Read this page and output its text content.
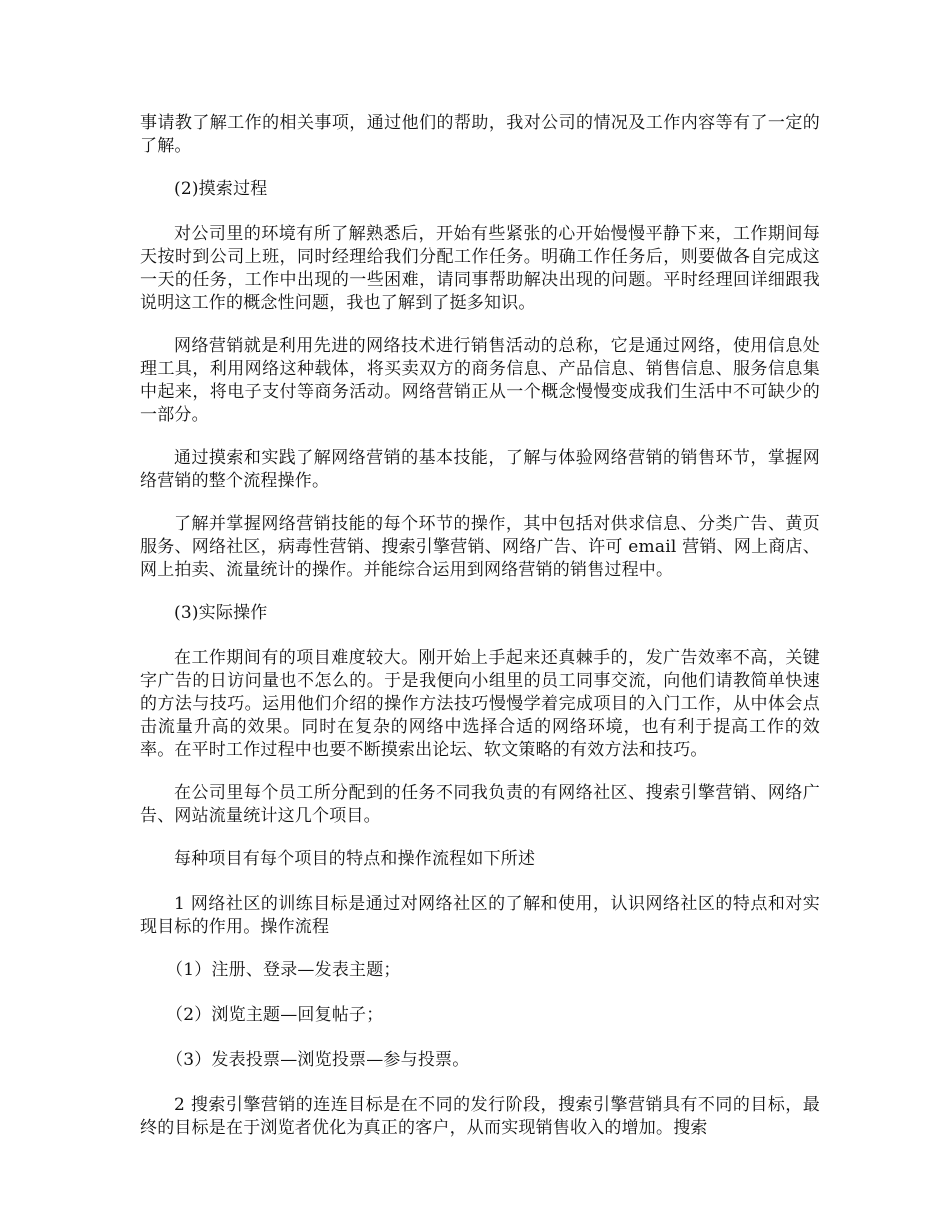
事请教了解工作的相关事项，通过他们的帮助，我对公司的情况及工作内容等有了一定的了解。

(2)摸索过程

对公司里的环境有所了解熟悉后，开始有些紧张的心开始慢慢平静下来，工作期间每天按时到公司上班，同时经理给我们分配工作任务。明确工作任务后，则要做各自完成这一天的任务，工作中出现的一些困难，请同事帮助解决出现的问题。平时经理回详细跟我说明这工作的概念性问题，我也了解到了挺多知识。

网络营销就是利用先进的网络技术进行销售活动的总称，它是通过网络，使用信息处理工具，利用网络这种载体，将买卖双方的商务信息、产品信息、销售信息、服务信息集中起来，将电子支付等商务活动。网络营销正从一个概念慢慢变成我们生活中不可缺少的一部分。

通过摸索和实践了解网络营销的基本技能，了解与体验网络营销的销售环节，掌握网络营销的整个流程操作。

了解并掌握网络营销技能的每个环节的操作，其中包括对供求信息、分类广告、黄页服务、网络社区，病毒性营销、搜索引擎营销、网络广告、许可 email 营销、网上商店、网上拍卖、流量统计的操作。并能综合运用到网络营销的销售过程中。

(3)实际操作

在工作期间有的项目难度较大。刚开始上手起来还真棘手的，发广告效率不高，关键字广告的日访问量也不怎么的。于是我便向小组里的员工同事交流，向他们请教简单快速的方法与技巧。运用他们介绍的操作方法技巧慢慢学着完成项目的入门工作，从中体会点击流量升高的效果。同时在复杂的网络中选择合适的网络环境，也有利于提高工作的效率。在平时工作过程中也要不断摸索出论坛、软文策略的有效方法和技巧。

在公司里每个员工所分配到的任务不同我负责的有网络社区、搜索引擎营销、网络广告、网站流量统计这几个项目。

每种项目有每个项目的特点和操作流程如下所述

1 网络社区的训练目标是通过对网络社区的了解和使用，认识网络社区的特点和对实现目标的作用。操作流程

（1）注册、登录—发表主题；

（2）浏览主题—回复帖子；

（3）发表投票—浏览投票—参与投票。

2 搜索引擎营销的连连目标是在不同的发行阶段，搜索引擎营销具有不同的目标，最终的目标是在于浏览者优化为真正的客户，从而实现销售收入的增加。搜索
